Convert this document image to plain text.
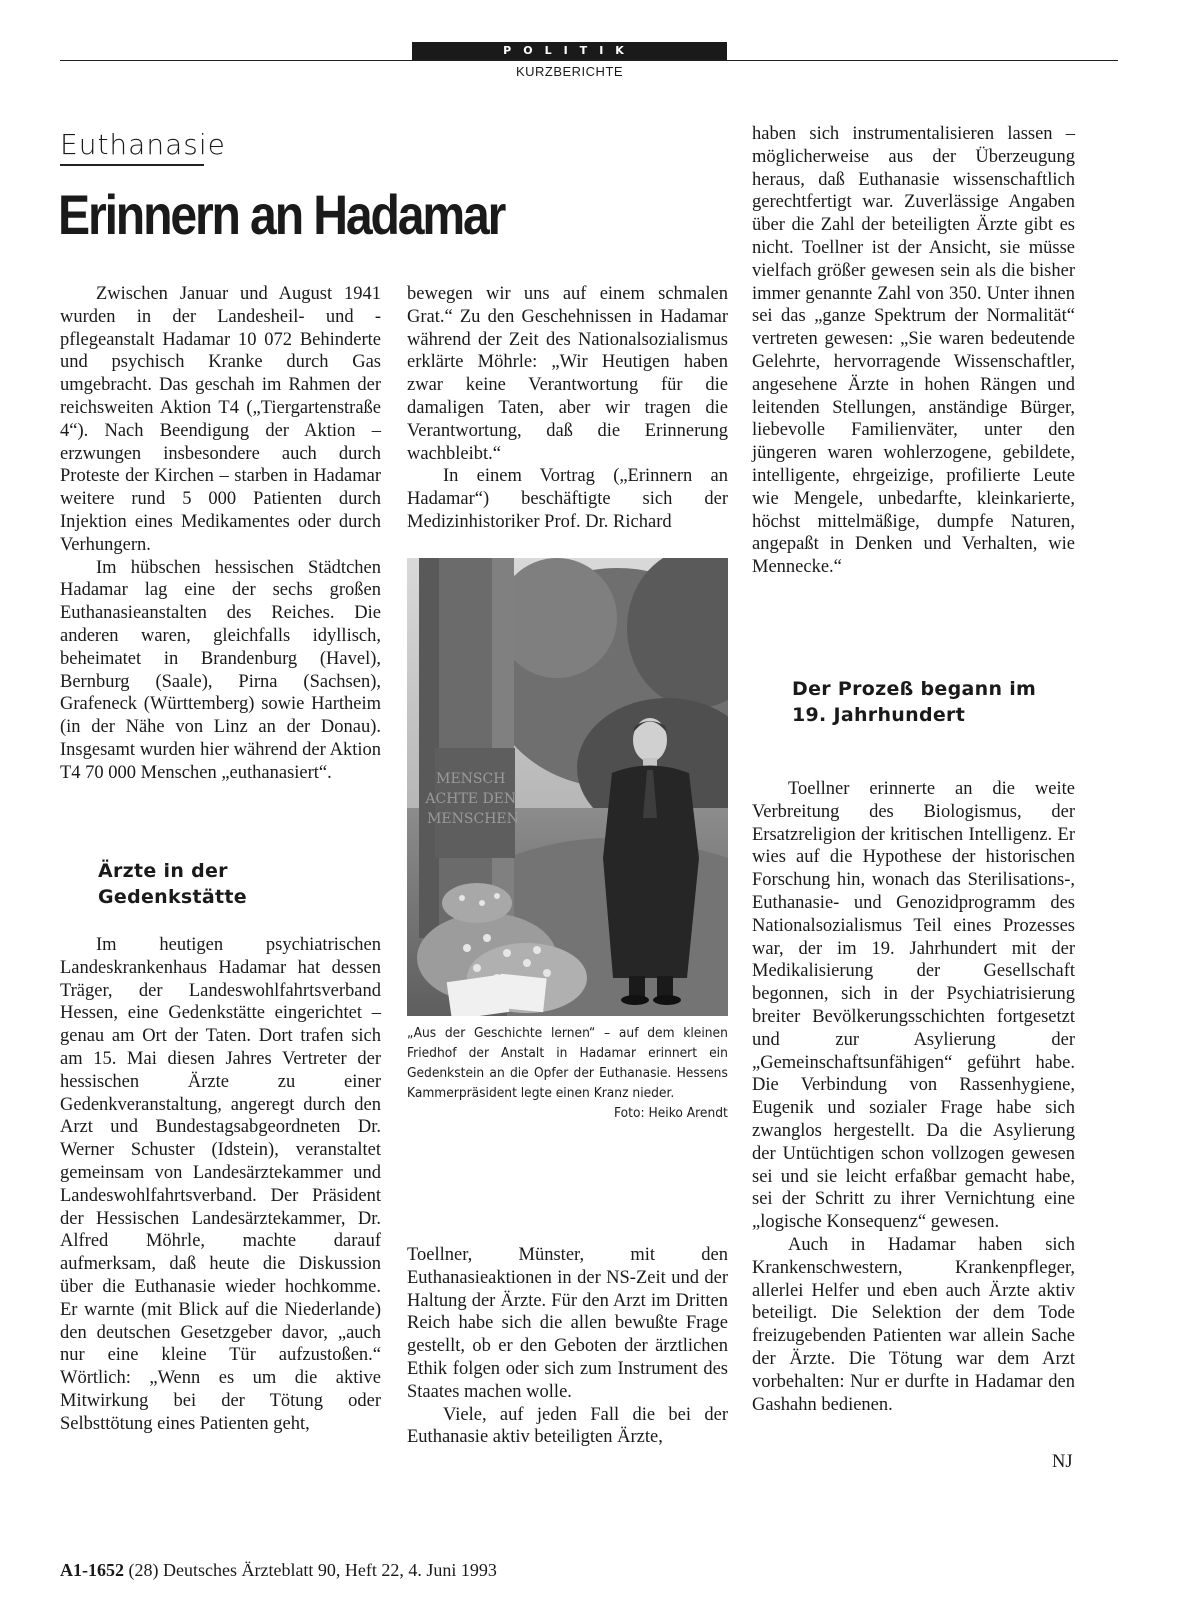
POLITIK
KURZBERICHTE
Euthanasie
Erinnern an Hadamar

Zwischen Januar und August 1941 wurden in der Landesheil- und -pflegeanstalt Hadamar 10 072 Behinderte und psychisch Kranke durch Gas umgebracht. Das geschah im Rahmen der reichsweiten Aktion T4 („Tiergartenstraße 4“). Nach Beendigung der Aktion – erzwungen insbesondere auch durch Proteste der Kirchen – starben in Hadamar weitere rund 5 000 Patienten durch Injektion eines Medikamentes oder durch Verhungern.

Im hübschen hessischen Städtchen Hadamar lag eine der sechs großen Euthanasieanstalten des Reiches. Die anderen waren, gleichfalls idyllisch, beheimatet in Brandenburg (Havel), Bernburg (Saale), Pirna (Sachsen), Grafeneck (Württemberg) sowie Hartheim (in der Nähe von Linz an der Donau). Insgesamt wurden hier während der Aktion T4 70 000 Menschen „euthanasiert“.

Ärzte in der Gedenkstätte

Im heutigen psychiatrischen Landeskrankenhaus Hadamar hat dessen Träger, der Landeswohlfahrtsverband Hessen, eine Gedenkstätte eingerichtet – genau am Ort der Taten. Dort trafen sich am 15. Mai diesen Jahres Vertreter der hessischen Ärzte zu einer Gedenkveranstaltung, angeregt durch den Arzt und Bundestagsabgeordneten Dr. Werner Schuster (Idstein), veranstaltet gemeinsam von Landesärztekammer und Landeswohlfahrtsverband. Der Präsident der Hessischen Landesärztekammer, Dr. Alfred Möhrle, machte darauf aufmerksam, daß heute die Diskussion über die Euthanasie wieder hochkomme. Er warnte (mit Blick auf die Niederlande) den deutschen Gesetzgeber davor, „auch nur eine kleine Tür aufzustoßen.“ Wörtlich: „Wenn es um die aktive Mitwirkung bei der Tötung oder Selbsttötung eines Patienten geht,

bewegen wir uns auf einem schmalen Grat.“ Zu den Geschehnissen in Hadamar während der Zeit des Nationalsozialismus erklärte Möhrle: „Wir Heutigen haben zwar keine Verantwortung für die damaligen Taten, aber wir tragen die Verantwortung, daß die Erinnerung wachbleibt.“

In einem Vortrag („Erinnern an Hadamar“) beschäftigte sich der Medizinhistoriker Prof. Dr. Richard

MENSCH ACHTE DEN MENSCHEN
„Aus der Geschichte lernen“ – auf dem kleinen Friedhof der Anstalt in Hadamar erinnert ein Gedenkstein an die Opfer der Euthanasie. Hessens Kammerpräsident legte einen Kranz nieder.
Foto: Heiko Arendt

Toellner, Münster, mit den Euthanasieaktionen in der NS-Zeit und der Haltung der Ärzte. Für den Arzt im Dritten Reich habe sich die allen bewußte Frage gestellt, ob er den Geboten der ärztlichen Ethik folgen oder sich zum Instrument des Staates machen wolle.

Viele, auf jeden Fall die bei der Euthanasie aktiv beteiligten Ärzte,

haben sich instrumentalisieren lassen – möglicherweise aus der Überzeugung heraus, daß Euthanasie wissenschaftlich gerechtfertigt war. Zuverlässige Angaben über die Zahl der beteiligten Ärzte gibt es nicht. Toellner ist der Ansicht, sie müsse vielfach größer gewesen sein als die bisher immer genannte Zahl von 350. Unter ihnen sei das „ganze Spektrum der Normalität“ vertreten gewesen: „Sie waren bedeutende Gelehrte, hervorragende Wissenschaftler, angesehene Ärzte in hohen Rängen und leitenden Stellungen, anständige Bürger, liebevolle Familienväter, unter den jüngeren waren wohlerzogene, gebildete, intelligente, ehrgeizige, profilierte Leute wie Mengele, unbedarfte, kleinkarierte, höchst mittelmäßige, dumpfe Naturen, angepaßt in Denken und Verhalten, wie Mennecke.“

Der Prozeß begann im 19. Jahrhundert

Toellner erinnerte an die weite Verbreitung des Biologismus, der Ersatzreligion der kritischen Intelligenz. Er wies auf die Hypothese der historischen Forschung hin, wonach das Sterilisations-, Euthanasie- und Genozidprogramm des Nationalsozialismus Teil eines Prozesses war, der im 19. Jahrhundert mit der Medikalisierung der Gesellschaft begonnen, sich in der Psychiatrisierung breiter Bevölkerungsschichten fortgesetzt und zur Asylierung der „Gemeinschaftsunfähigen“ geführt habe. Die Verbindung von Rassenhygiene, Eugenik und sozialer Frage habe sich zwanglos hergestellt. Da die Asylierung der Untüchtigen schon vollzogen gewesen sei und sie leicht erfaßbar gemacht habe, sei der Schritt zu ihrer Vernichtung eine „logische Konsequenz“ gewesen.

Auch in Hadamar haben sich Krankenschwestern, Krankenpfleger, allerlei Helfer und eben auch Ärzte aktiv beteiligt. Die Selektion der dem Tode freizugebenden Patienten war allein Sache der Ärzte. Die Tötung war dem Arzt vorbehalten: Nur er durfte in Hadamar den Gashahn bedienen.

NJ
A1-1652 (28) Deutsches Ärzteblatt 90, Heft 22, 4. Juni 1993
